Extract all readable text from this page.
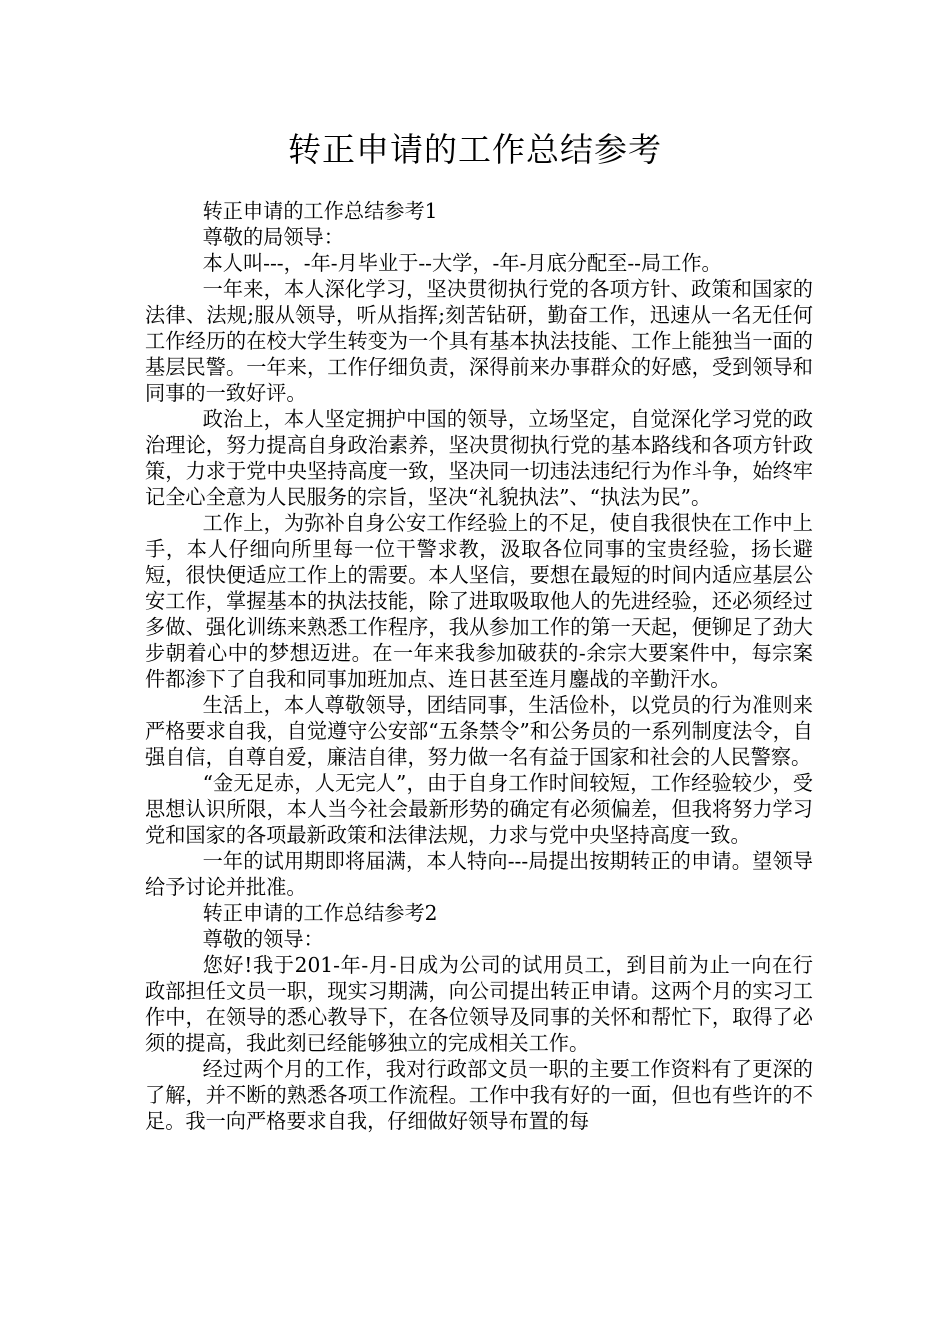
转正申请的工作总结参考

转正申请的工作总结参考1

尊敬的局领导：

本人叫---，-年-月毕业于--大学，-年-月底分配至--局工作。

一年来，本人深化学习，坚决贯彻执行党的各项方针、政策和国家的法律、法规;服从领导，听从指挥;刻苦钻研，勤奋工作，迅速从一名无任何工作经历的在校大学生转变为一个具有基本执法技能、工作上能独当一面的基层民警。一年来，工作仔细负责，深得前来办事群众的好感，受到领导和同事的一致好评。

政治上，本人坚定拥护中国的领导，立场坚定，自觉深化学习党的政治理论，努力提高自身政治素养，坚决贯彻执行党的基本路线和各项方针政策，力求于党中央坚持高度一致，坚决同一切违法违纪行为作斗争，始终牢记全心全意为人民服务的宗旨，坚决“礼貌执法”、“执法为民”。

工作上，为弥补自身公安工作经验上的不足，使自我很快在工作中上手，本人仔细向所里每一位干警求教，汲取各位同事的宝贵经验，扬长避短，很快便适应工作上的需要。本人坚信，要想在最短的时间内适应基层公安工作，掌握基本的执法技能，除了进取吸取他人的先进经验，还必须经过多做、强化训练来熟悉工作程序，我从参加工作的第一天起，便铆足了劲大步朝着心中的梦想迈进。在一年来我参加破获的-余宗大要案件中，每宗案件都渗下了自我和同事加班加点、连日甚至连月鏖战的辛勤汗水。

生活上，本人尊敬领导，团结同事，生活俭朴，以党员的行为准则来严格要求自我，自觉遵守公安部“五条禁令”和公务员的一系列制度法令，自强自信，自尊自爱，廉洁自律，努力做一名有益于国家和社会的人民警察。

“金无足赤，人无完人”，由于自身工作时间较短，工作经验较少，受思想认识所限，本人当今社会最新形势的确定有必须偏差，但我将努力学习党和国家的各项最新政策和法律法规，力求与党中央坚持高度一致。

一年的试用期即将届满，本人特向---局提出按期转正的申请。望领导给予讨论并批准。

转正申请的工作总结参考2

尊敬的领导：

您好!我于201-年-月-日成为公司的试用员工，到目前为止一向在行政部担任文员一职，现实习期满，向公司提出转正申请。这两个月的实习工作中，在领导的悉心教导下，在各位领导及同事的关怀和帮忙下，取得了必须的提高，我此刻已经能够独立的完成相关工作。

经过两个月的工作，我对行政部文员一职的主要工作资料有了更深的了解，并不断的熟悉各项工作流程。工作中我有好的一面，但也有些许的不足。我一向严格要求自我，仔细做好领导布置的每
